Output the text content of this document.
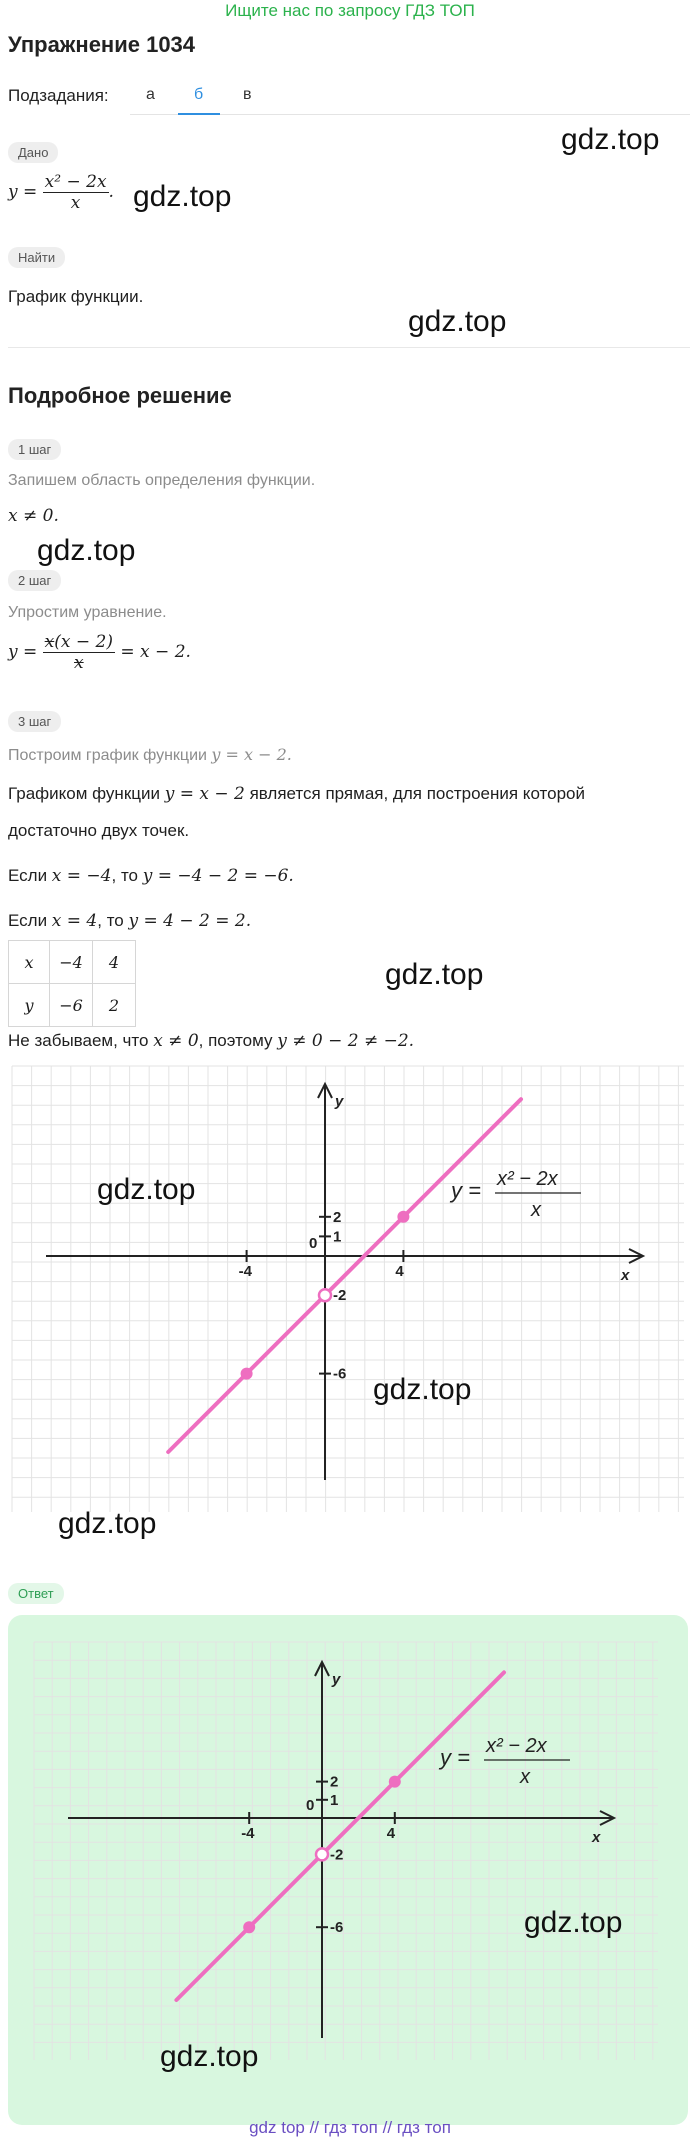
Ищите нас по запросу ГДЗ ТОП
Упражнение 1034
Подзадания: а б в
Дано
$y = \frac{\text{x² − 2x}}{x}$ . gdz.top
gdz.top
Найти
График функции.
gdz.top
Подробное решение
1 шаг
Запишем область определения функции.
x ≠ 0.
gdz.top
2 шаг
Упростим уравнение.
$y = \frac{x(x - 2)}{x} = x - 2$.
3 шаг
Построим график функции y = x − 2.
Графиком функции y = x − 2 является прямая, для построения которой
достаточно двух точек.
Если x = −4, то y = −4 − 2 = −6.
Если x = 4, то y = 4 − 2 = 2.
x	−4	4
y	−6	2
gdz.top
Не забываем, что x ≠ 0, поэтому y ≠ 0 − 2 ≠ −2.
x
y
0
-4	4
2
1
-2
-6
y = x² − 2x
x
gdz.top
gdz.top
gdz.top
Ответ
x
y
0
-4	4
2
1
-2
-6
y = x² − 2x
x
gdz.top
gdz.top
gdz top // гдз топ // гдз топ
